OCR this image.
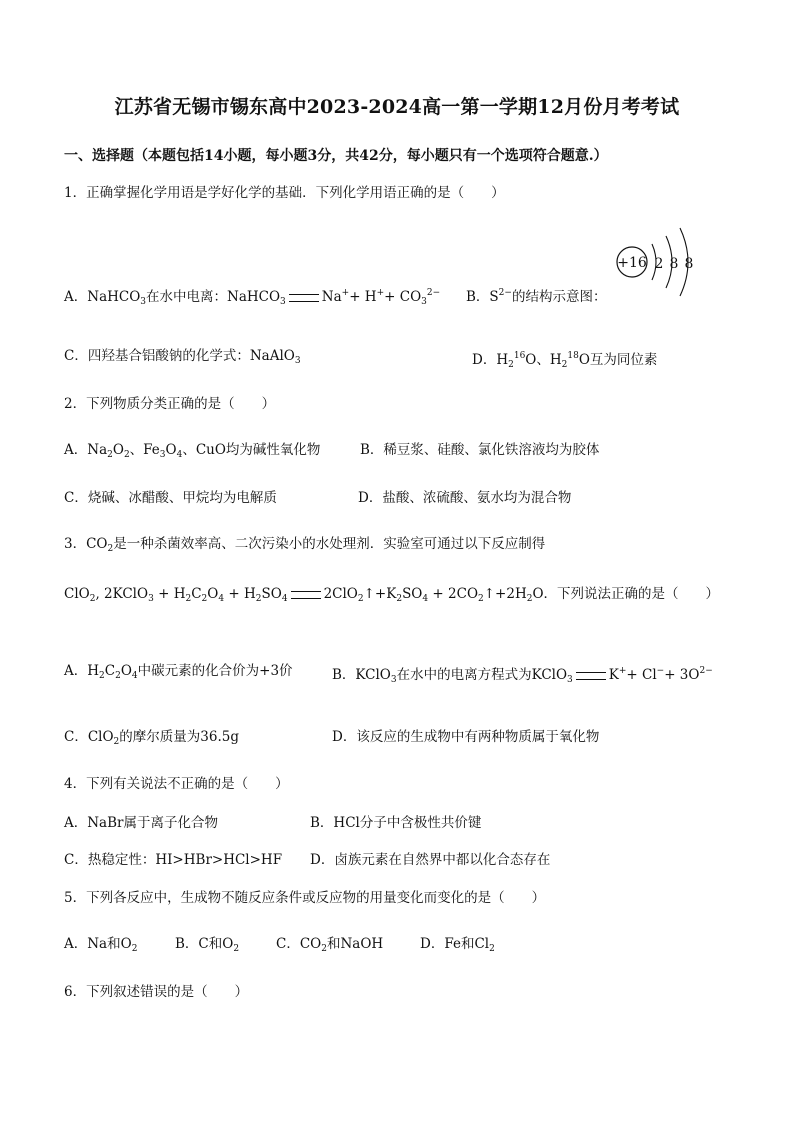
江苏省无锡市锡东高中2023-2024高一第一学期12月份月考考试
一、选择题（本题包括14小题，每小题3分，共42分，每小题只有一个选项符合题意.）
1．正确掌握化学用语是学好化学的基础．下列化学用语正确的是（　　）
+16 2 8 8
A．NaHCO$_3$在水中电离：NaHCO$_3$	$Na^++ H^++ CO_3^{2-}$ B．$S^{2-}$的结构示意图：
C．四羟基合铝酸钠的化学式：NaAlO$_3$	D．$H_2^{16}O$、$H_2^{18}O$互为同位素
2．下列物质分类正确的是（　　）
A．$Na_2O_2$、$Fe_3O_4$、CuO均为碱性氧化物	B．稀豆浆、硅酸、氯化铁溶液均为胶体
C．烧碱、冰醋酸、甲烷均为电解质	D．盐酸、浓硫酸、氨水均为混合物
3．$CO_2$是一种杀菌效率高、二次污染小的水处理剂．实验室可通过以下反应制得
ClO$_2$, 2KClO$_3$ + $H_2C_2O_4 + H_2SO_4$	$2ClO_2↑+K_2SO_4$ + $2CO_2↑+2H_2O$．下列说法正确的是（　　）
A．$H_2C_2O_4$中碳元素的化合价为+3价	B．KClO$_3$在水中的电离方程式为KClO$_3$	$K^++ Cl^-+ 3O^{2-}$
C．ClO$_2$的摩尔质量为36.5g	D．该反应的生成物中有两种物质属于氧化物
4．下列有关说法不正确的是（　　）
A．NaBr属于离子化合物	B．HCl分子中含极性共价键
C．热稳定性：HI>HBr>HCl>HF D．卤族元素在自然界中都以化合态存在
5．下列各反应中，生成物不随反应条件或反应物的用量变化而变化的是（　　）
A．Na和$O_2$	B．C和$O_2$	C．$CO_2$和NaOH	D．Fe和$Cl_2$
6．下列叙述错误的是（　　）
